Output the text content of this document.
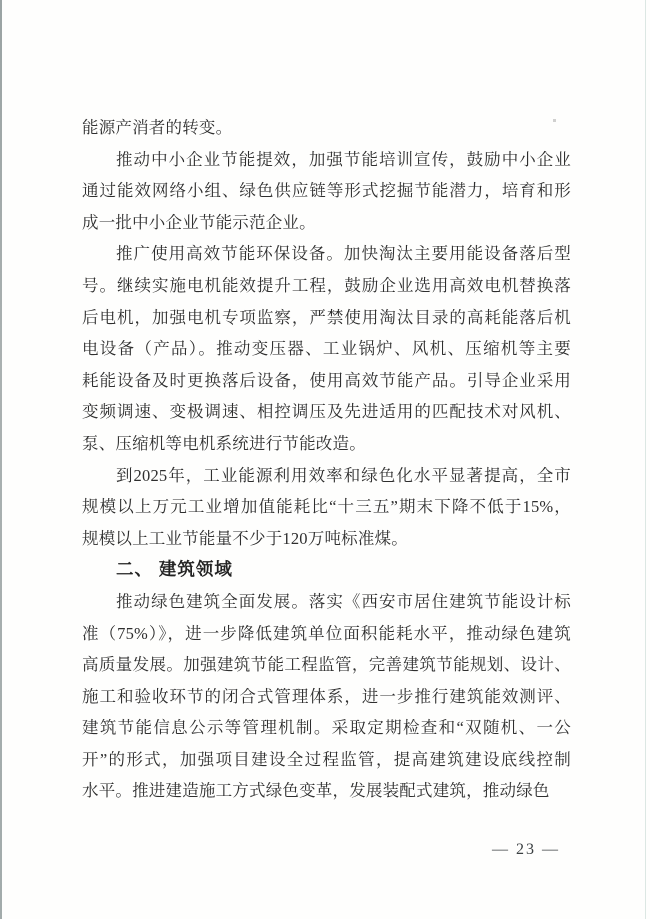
能源产消者的转变。
推动中小企业节能提效，加强节能培训宣传，鼓励中小企业
通过能效网络小组、绿色供应链等形式挖掘节能潜力，培育和形
成一批中小企业节能示范企业。
推广使用高效节能环保设备。加快淘汰主要用能设备落后型
号。继续实施电机能效提升工程，鼓励企业选用高效电机替换落
后电机，加强电机专项监察，严禁使用淘汰目录的高耗能落后机
电设备（产品）。推动变压器、工业锅炉、风机、压缩机等主要
耗能设备及时更换落后设备，使用高效节能产品。引导企业采用
变频调速、变极调速、相控调压及先进适用的匹配技术对风机、
泵、压缩机等电机系统进行节能改造。
到2025年，工业能源利用效率和绿色化水平显著提高，全市
规模以上万元工业增加值能耗比“十三五”期末下降不低于15%，
规模以上工业节能量不少于120万吨标准煤。
二、 建筑领域
推动绿色建筑全面发展。落实《西安市居住建筑节能设计标
准（75%）》，进一步降低建筑单位面积能耗水平，推动绿色建筑
高质量发展。加强建筑节能工程监管，完善建筑节能规划、设计、
施工和验收环节的闭合式管理体系，进一步推行建筑能效测评、
建筑节能信息公示等管理机制。采取定期检查和“双随机、一公
开”的形式，加强项目建设全过程监管，提高建筑建设底线控制
水平。推进建造施工方式绿色变革，发展装配式建筑，推动绿色
— 23 —
